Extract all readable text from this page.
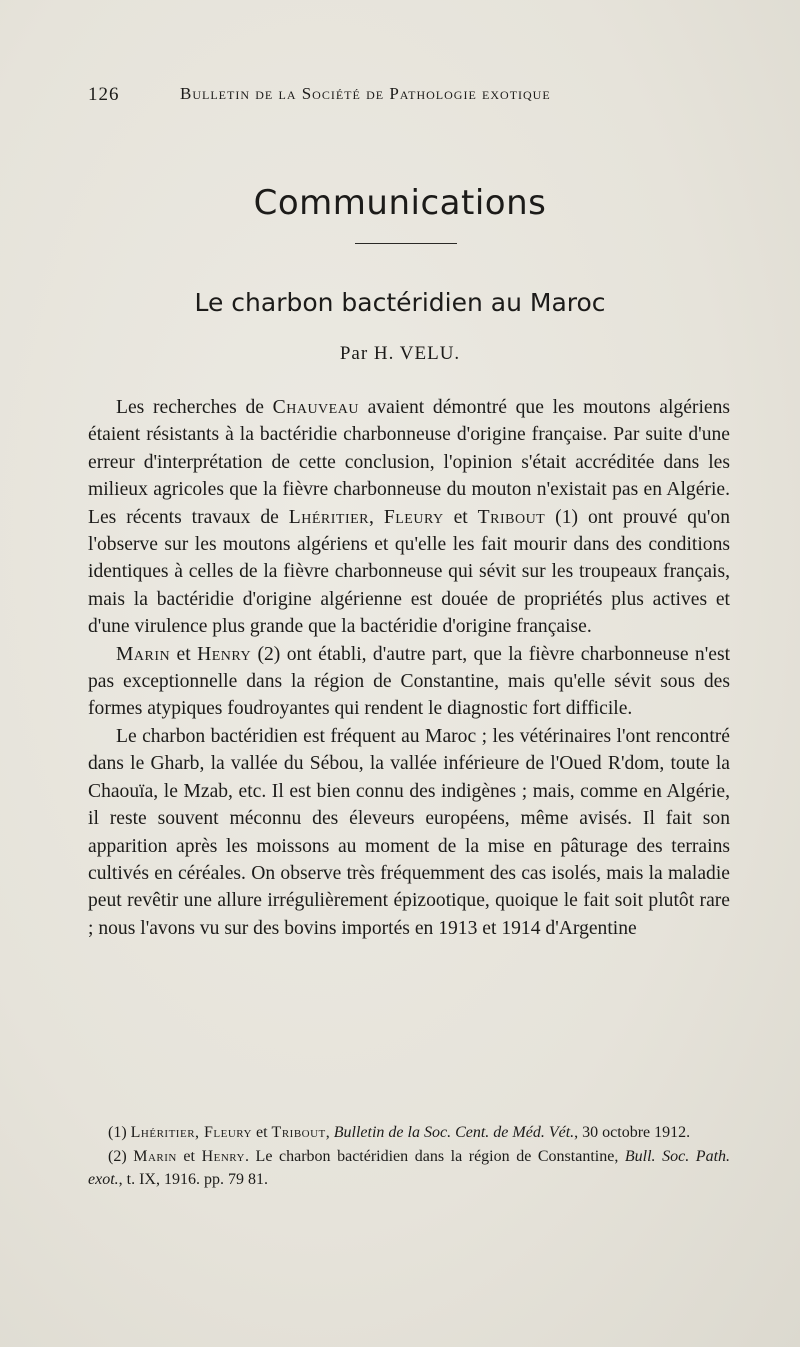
126	Bulletin de la Société de Pathologie exotique
Communications
Le charbon bactéridien au Maroc
Par H. VELU.

Les recherches de Chauveau avaient démontré que les moutons algériens étaient résistants à la bactéridie charbonneuse d'origine française. Par suite d'une erreur d'interprétation de cette conclusion, l'opinion s'était accréditée dans les milieux agricoles que la fièvre charbonneuse du mouton n'existait pas en Algérie. Les récents travaux de Lhéritier, Fleury et Tribout (1) ont prouvé qu'on l'observe sur les moutons algériens et qu'elle les fait mourir dans des conditions identiques à celles de la fièvre charbonneuse qui sévit sur les troupeaux français, mais la bactéridie d'origine algérienne est douée de propriétés plus actives et d'une virulence plus grande que la bactéridie d'origine française.

Marin et Henry (2) ont établi, d'autre part, que la fièvre charbonneuse n'est pas exceptionnelle dans la région de Constantine, mais qu'elle sévit sous des formes atypiques foudroyantes qui rendent le diagnostic fort difficile.

Le charbon bactéridien est fréquent au Maroc ; les vétérinaires l'ont rencontré dans le Gharb, la vallée du Sébou, la vallée inférieure de l'Oued R'dom, toute la Chaouïa, le Mzab, etc. Il est bien connu des indigènes ; mais, comme en Algérie, il reste souvent méconnu des éleveurs européens, même avisés. Il fait son apparition après les moissons au moment de la mise en pâturage des terrains cultivés en céréales. On observe très fréquemment des cas isolés, mais la maladie peut revêtir une allure irrégulièrement épizootique, quoique le fait soit plutôt rare ; nous l'avons vu sur des bovins importés en 1913 et 1914 d'Argentine

(1) Lhéritier, Fleury et Tribout, Bulletin de la Soc. Cent. de Méd. Vét., 30 octobre 1912.

(2) Marin et Henry. Le charbon bactéridien dans la région de Constantine, Bull. Soc. Path. exot., t. IX, 1916. pp. 79 81.
